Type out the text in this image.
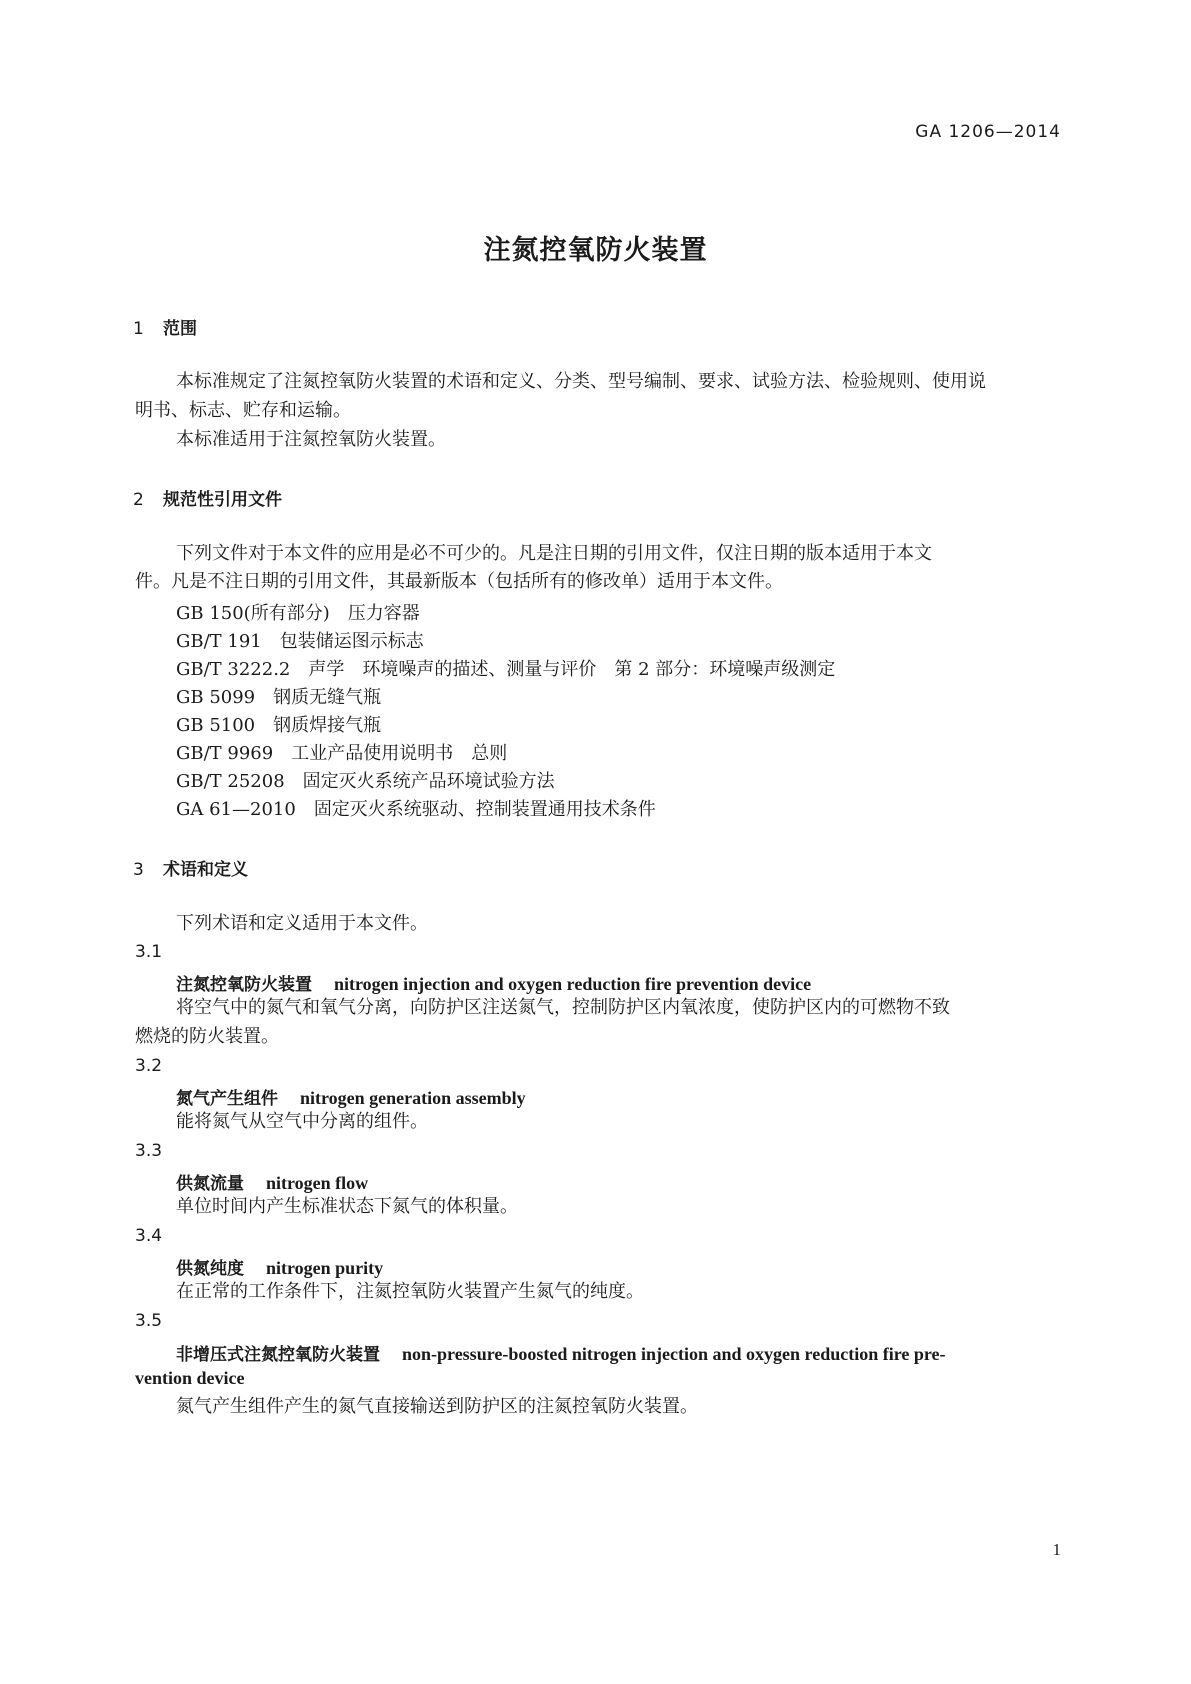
GA 1206—2014
注氮控氧防火装置
1 范围
本标准规定了注氮控氧防火装置的术语和定义、分类、型号编制、要求、试验方法、检验规则、使用说
明书、标志、贮存和运输。
本标准适用于注氮控氧防火装置。
2 规范性引用文件
下列文件对于本文件的应用是必不可少的。凡是注日期的引用文件，仅注日期的版本适用于本文
件。凡是不注日期的引用文件，其最新版本（包括所有的修改单）适用于本文件。
GB 150(所有部分) 压力容器
GB/T 191 包装储运图示标志
GB/T 3222.2 声学　环境噪声的描述、测量与评价　第 2 部分：环境噪声级测定
GB 5099 钢质无缝气瓶
GB 5100 钢质焊接气瓶
GB/T 9969 工业产品使用说明书　总则
GB/T 25208 固定灭火系统产品环境试验方法
GA 61—2010 固定灭火系统驱动、控制装置通用技术条件
3 术语和定义
下列术语和定义适用于本文件。
3.1
注氮控氧防火装置 nitrogen injection and oxygen reduction fire prevention device
将空气中的氮气和氧气分离，向防护区注送氮气，控制防护区内氧浓度，使防护区内的可燃物不致
燃烧的防火装置。
3.2
氮气产生组件 nitrogen generation assembly
能将氮气从空气中分离的组件。
3.3
供氮流量 nitrogen flow
单位时间内产生标准状态下氮气的体积量。
3.4
供氮纯度 nitrogen purity
在正常的工作条件下，注氮控氧防火装置产生氮气的纯度。
3.5
非增压式注氮控氧防火装置 non-pressure-boosted nitrogen injection and oxygen reduction fire pre-
vention device
氮气产生组件产生的氮气直接输送到防护区的注氮控氧防火装置。
1
